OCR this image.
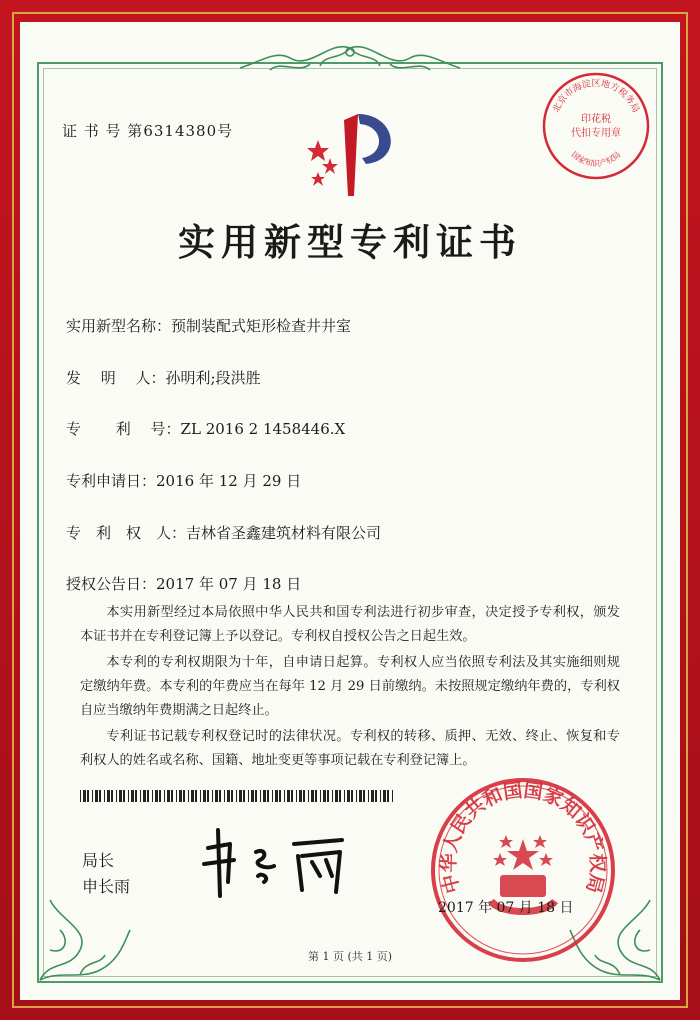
证 书 号 第6314380号
北京市海淀区地方税务局
印花税
代扣专用章
国家知识产权局
实用新型专利证书
实用新型名称：预制装配式矩形检查井井室
发　 明　 人：孙明利;段洪胜
专　 　利　 号：ZL 2016 2 1458446.X
专利申请日：2016 年 12 月 29 日
专　利　权　人：吉林省圣鑫建筑材料有限公司
授权公告日：2017 年 07 月 18 日
本实用新型经过本局依照中华人民共和国专利法进行初步审查，决定授予专利权，颁发本证书并在专利登记簿上予以登记。专利权自授权公告之日起生效。
本专利的专利权期限为十年，自申请日起算。专利权人应当依照专利法及其实施细则规定缴纳年费。本专利的年费应当在每年 12 月 29 日前缴纳。未按照规定缴纳年费的，专利权自应当缴纳年费期满之日起终止。
专利证书记载专利权登记时的法律状况。专利权的转移、质押、无效、终止、恢复和专利权人的姓名或名称、国籍、地址变更等事项记载在专利登记簿上。
局长
申长雨	中华人民共和国国家知识产权局
2017 年 07 月 18 日
第 1 页 (共 1 页)
